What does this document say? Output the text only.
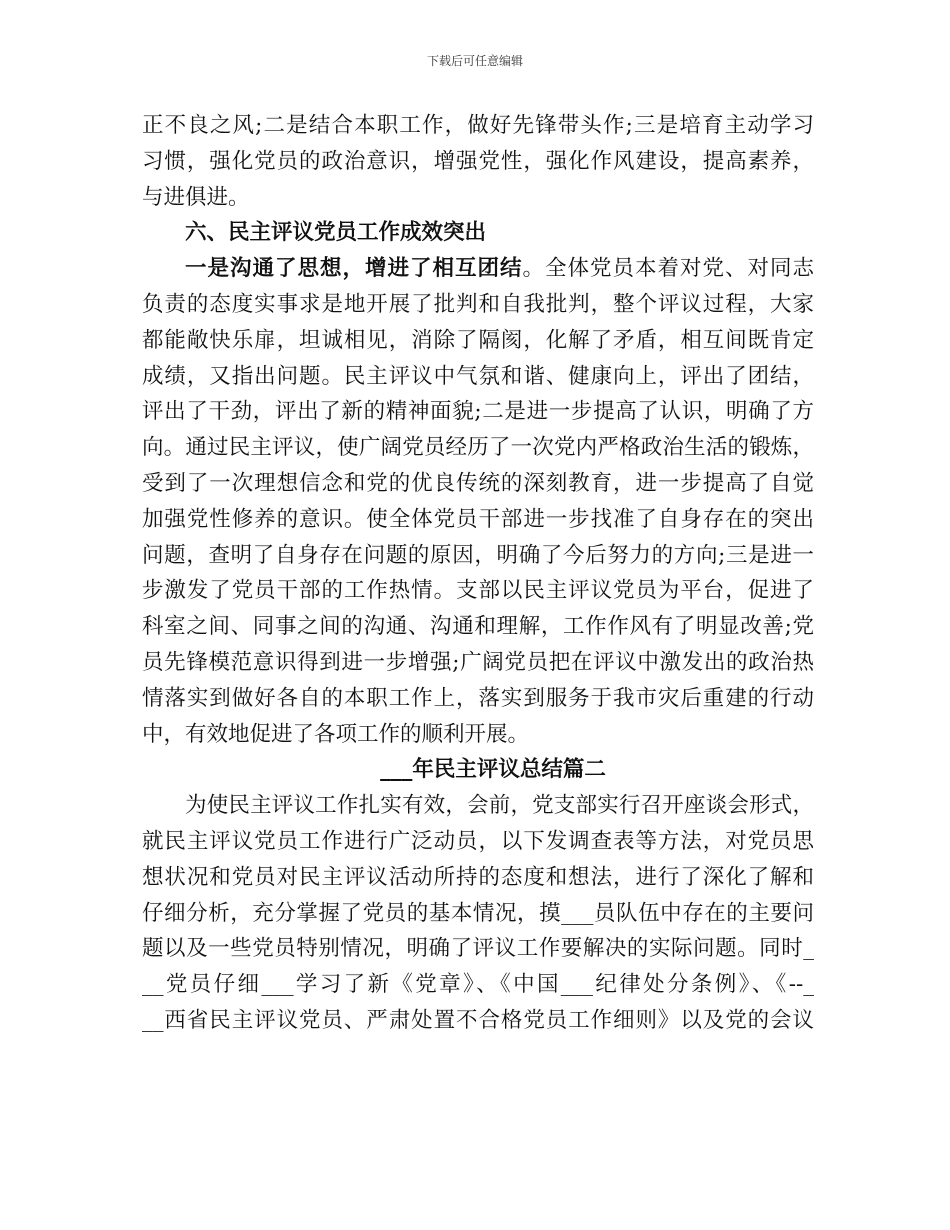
下载后可任意编辑
正不良之风;二是结合本职工作，做好先锋带头作;三是培育主动学习
习惯，强化党员的政治意识，增强党性，强化作风建设，提高素养，
与进俱进。
六、民主评议党员工作成效突出
一是沟通了思想，增进了相互团结。全体党员本着对党、对同志
负责的态度实事求是地开展了批判和自我批判，整个评议过程，大家
都能敞快乐扉，坦诚相见，消除了隔阂，化解了矛盾，相互间既肯定
成绩，又指出问题。民主评议中气氛和谐、健康向上，评出了团结，
评出了干劲，评出了新的精神面貌;二是进一步提高了认识，明确了方
向。通过民主评议，使广阔党员经历了一次党内严格政治生活的锻炼，
受到了一次理想信念和党的优良传统的深刻教育，进一步提高了自觉
加强党性修养的意识。使全体党员干部进一步找准了自身存在的突出
问题，查明了自身存在问题的原因，明确了今后努力的方向;三是进一
步激发了党员干部的工作热情。支部以民主评议党员为平台，促进了
科室之间、同事之间的沟通、沟通和理解，工作作风有了明显改善;党
员先锋模范意识得到进一步增强;广阔党员把在评议中激发出的政治热
情落实到做好各自的本职工作上，落实到服务于我市灾后重建的行动
中，有效地促进了各项工作的顺利开展。
___年民主评议总结篇二
为使民主评议工作扎实有效，会前，党支部实行召开座谈会形式，
就民主评议党员工作进行广泛动员，以下发调查表等方法，对党员思
想状况和党员对民主评议活动所持的态度和想法，进行了深化了解和
仔细分析，充分掌握了党员的基本情况，摸___员队伍中存在的主要问
题以及一些党员特别情况，明确了评议工作要解决的实际问题。同时_
__党员仔细___学习了新《党章》、《中国___纪律处分条例》、《--_
__西省民主评议党员、严肃处置不合格党员工作细则》以及党的会议
